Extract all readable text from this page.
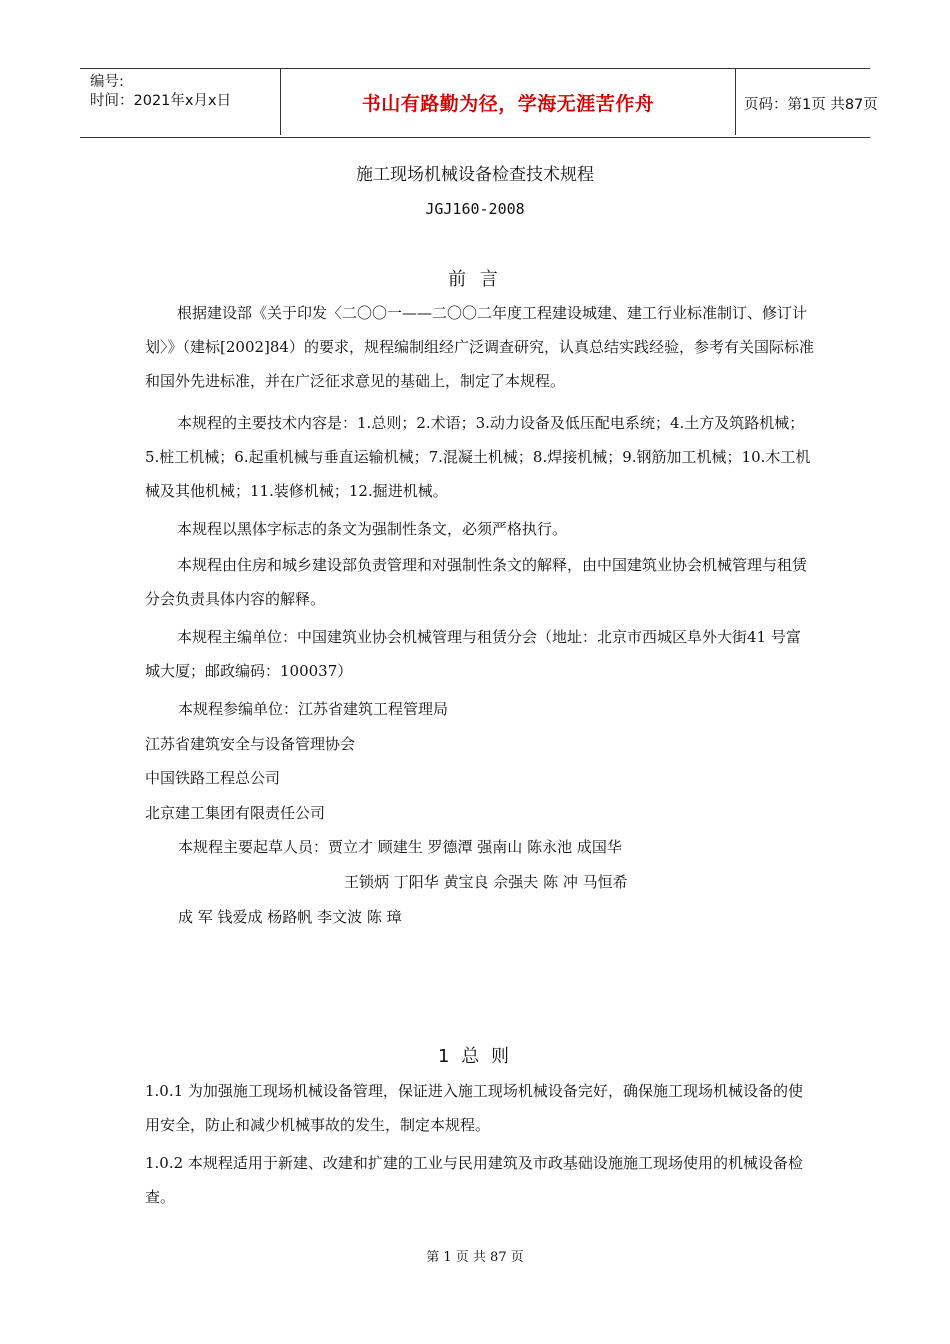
编号:
时间：2021年x月x日	书山有路勤为径，学海无涯苦作舟	页码：第1页 共87页
施工现场机械设备检查技术规程
JGJ160-2008
前 言
根据建设部《关于印发〈二〇〇一——二〇〇二年度工程建设城建、建工行业标准制订、修订计划〉》（建标[2002]84）的要求，规程编制组经广泛调查研究，认真总结实践经验，参考有关国际标准和国外先进标准，并在广泛征求意见的基础上，制定了本规程。
本规程的主要技术内容是：1.总则；2.术语；3.动力设备及低压配电系统；4.土方及筑路机械；5.桩工机械；6.起重机械与垂直运输机械；7.混凝土机械；8.焊接机械；9.钢筋加工机械；10.木工机械及其他机械；11.装修机械；12.掘进机械。
本规程以黑体字标志的条文为强制性条文，必须严格执行。
本规程由住房和城乡建设部负责管理和对强制性条文的解释，由中国建筑业协会机械管理与租赁分会负责具体内容的解释。
本规程主编单位：中国建筑业协会机械管理与租赁分会（地址：北京市西城区阜外大街41 号富城大厦；邮政编码：100037）
本规程参编单位：江苏省建筑工程管理局
江苏省建筑安全与设备管理协会
中国铁路工程总公司
北京建工集团有限责任公司
本规程主要起草人员：贾立才 顾建生 罗德潭 强南山 陈永池 成国华
王锁炳 丁阳华 黄宝良 佘强夫 陈 冲 马恒希
成 军 钱爱成 杨路帆 李文波 陈 璋
1 总 则
1.0.1 为加强施工现场机械设备管理，保证进入施工现场机械设备完好，确保施工现场机械设备的使用安全，防止和减少机械事故的发生，制定本规程。
1.0.2 本规程适用于新建、改建和扩建的工业与民用建筑及市政基础设施施工现场使用的机械设备检查。
第 1 页 共 87 页
